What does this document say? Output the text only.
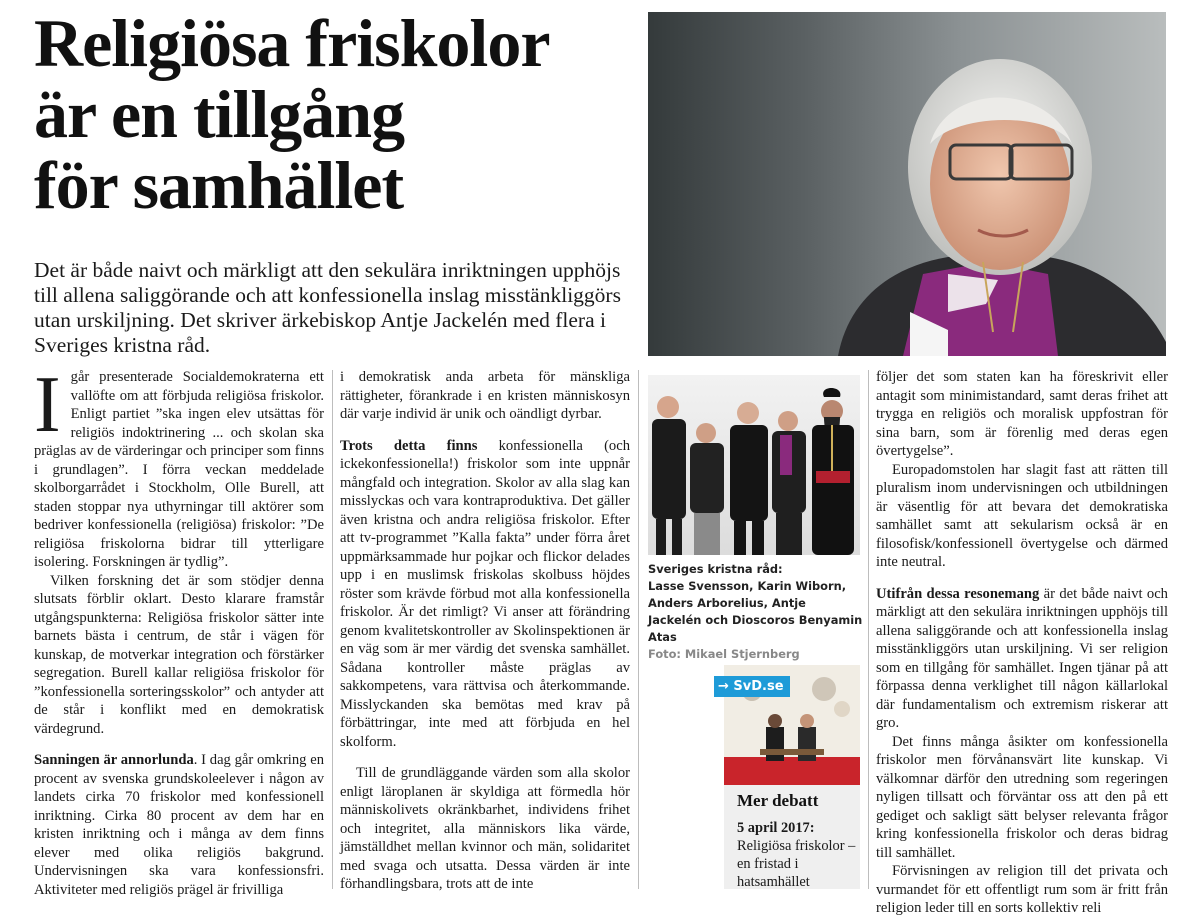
Religiösa friskolor
är en tillgång
för samhället

Det är både naivt och märkligt att den sekulära inriktningen upphöjs till allena saliggörande och att konfessionella inslag misstänkliggörs utan urskiljning. Det skriver ärkebiskop Antje Jackelén med flera i Sveriges kristna råd.

Sveriges kristna råd:
Lasse Svensson, Karin Wiborn, Anders Arborelius, Antje Jackelén och Dioscoros Benyamin Atas
Foto: Mikael Stjernberg
Mer debatt
5 april 2017: Religiösa friskolor – en fristad i hatsamhället
→ SvD.se

Igår presenterade Socialdemokraterna ett vallöfte om att förbjuda religiösa friskolor. Enligt partiet ”ska ingen elev utsättas för religiös indoktrinering ... och skolan ska präglas av de värderingar och principer som finns i grundlagen”. I förra veckan meddelade skolborgarrådet i Stockholm, Olle Burell, att staden stoppar nya uthyrningar till aktörer som bedriver konfessionella (religiösa) friskolor: ”De religiösa friskolorna bidrar till ytterligare isolering. Forskningen är tydlig”.

Vilken forskning det är som stödjer denna slutsats förblir oklart. Desto klarare framstår utgångspunkterna: Religiösa friskolor sätter inte barnets bästa i centrum, de står i vägen för kunskap, de motverkar integration och förstärker segregation. Burell kallar religiösa friskolor för ”konfessionella sorteringsskolor” och antyder att de står i konflikt med en demokratisk värdegrund.

Sanningen är annorlunda. I dag går omkring en procent av svenska grundskoleelever i någon av landets cirka 70 friskolor med konfessionell inriktning. Cirka 80 procent av dem har en kristen inriktning och i många av dem finns elever med olika religiös bakgrund. Undervisningen ska vara konfessionsfri. Aktiviteter med religiös prägel är frivilliga

i demokratisk anda arbeta för mänskliga rättigheter, förankrade i en kristen människosyn där varje individ är unik och oändligt dyrbar.

Trots detta finns konfessionella (och ickekonfessionella!) friskolor som inte uppnår mångfald och integration. Skolor av alla slag kan misslyckas och vara kontraproduktiva. Det gäller även kristna och andra religiösa friskolor. Efter att tv-programmet ”Kalla fakta” under förra året uppmärksammade hur pojkar och flickor delades upp i en muslimsk friskolas skolbuss höjdes röster som krävde förbud mot alla konfessionella friskolor. Är det rimligt? Vi anser att förändring genom kvalitetskontroller av Skolinspektionen är en väg som är mer värdig det svenska samhället. Sådana kontroller måste präglas av sakkompetens, vara rättvisa och återkommande. Misslyckanden ska bemötas med krav på förbättringar, inte med att förbjuda en hel skolform.

Till de grundläggande värden som alla skolor enligt läroplanen är skyldiga att förmedla hör människolivets okränkbarhet, individens frihet och integritet, alla människors lika värde, jämställdhet mellan kvinnor och män, solidaritet med svaga och utsatta. Dessa värden är inte förhandlingsbara, trots att de inte

följer det som staten kan ha föreskrivit eller antagit som minimistandard, samt deras frihet att trygga en religiös och moralisk uppfostran för sina barn, som är förenlig med deras egen övertygelse”.

Europadomstolen har slagit fast att rätten till pluralism inom undervisningen och utbildningen är väsentlig för att bevara det demokratiska samhället samt att sekularism också är en filosofisk/konfessionell övertygelse och därmed inte neutral.

Utifrån dessa resonemang är det både naivt och märkligt att den sekulära inriktningen upphöjs till allena saliggörande och att konfessionella inslag misstänkliggörs utan urskiljning. Vi ser religion som en tillgång för samhället. Ingen tjänar på att förpassa denna verklighet till någon källarlokal där fundamentalism och extremism riskerar att gro.

Det finns många åsikter om konfessionella friskolor men förvånansvärt lite kunskap. Vi välkomnar därför den utredning som regeringen nyligen tillsatt och förväntar oss att den på ett gediget och sakligt sätt belyser relevanta frågor kring konfessionella friskolor och deras bidrag till samhället.

Förvisningen av religion till det privata och vurmandet för ett offentligt rum som är fritt från religion leder till en sorts kollektiv reli
